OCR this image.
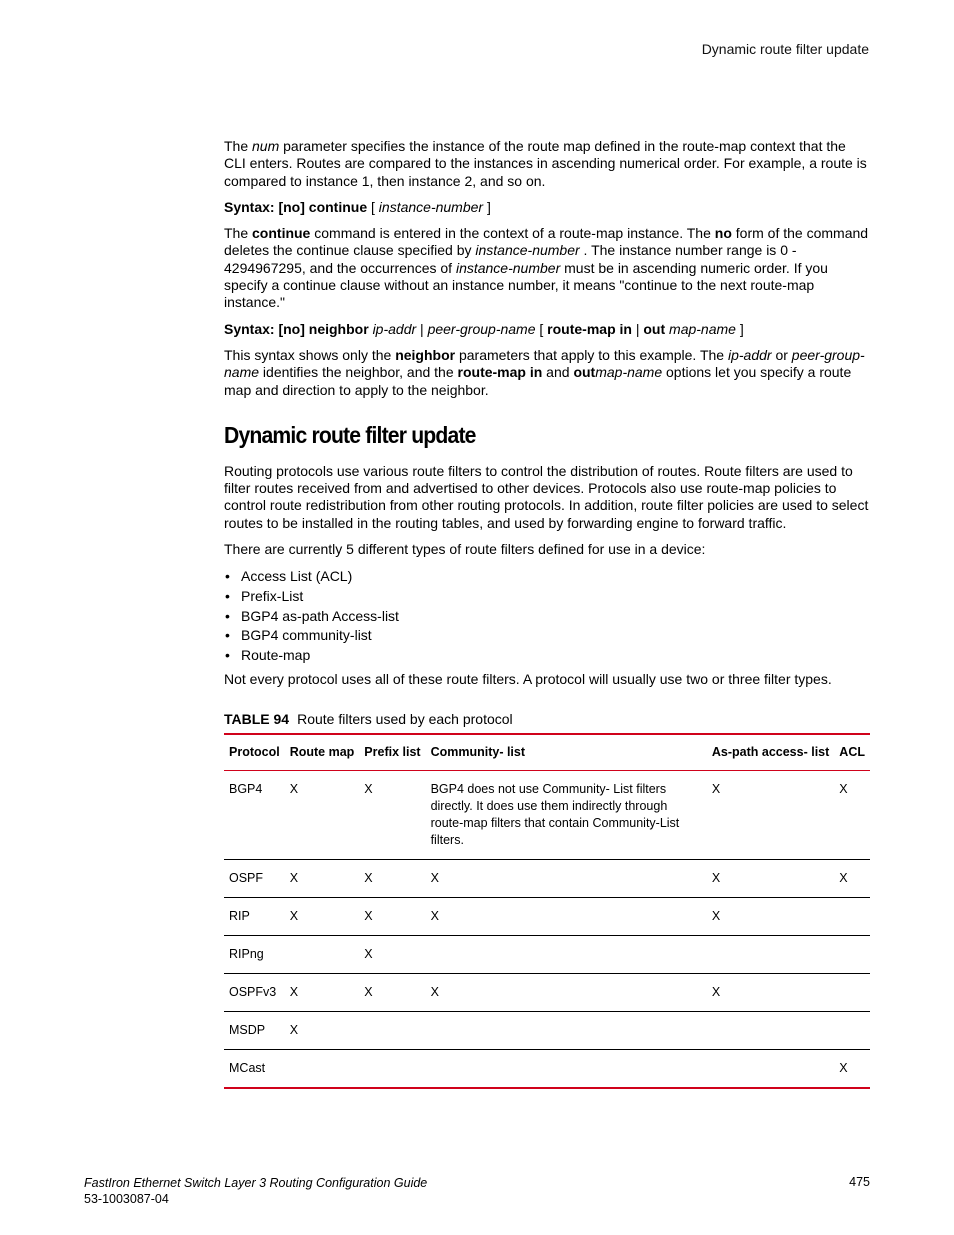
Dynamic route filter update

The num parameter specifies the instance of the route map defined in the route-map context that the CLI enters. Routes are compared to the instances in ascending numerical order. For example, a route is compared to instance 1, then instance 2, and so on.

Syntax: [no] continue [ instance-number ]

The continue command is entered in the context of a route-map instance. The no form of the command deletes the continue clause specified by instance-number . The instance number range is 0 - 4294967295, and the occurrences of instance-number must be in ascending numeric order. If you specify a continue clause without an instance number, it means "continue to the next route-map instance."

Syntax: [no] neighbor ip-addr | peer-group-name [ route-map in | out map-name ]

This syntax shows only the neighbor parameters that apply to this example. The ip-addr or peer-group-name identifies the neighbor, and the route-map in and outmap-name options let you specify a route map and direction to apply to the neighbor.

Dynamic route filter update

Routing protocols use various route filters to control the distribution of routes. Route filters are used to filter routes received from and advertised to other devices. Protocols also use route-map policies to control route redistribution from other routing protocols. In addition, route filter policies are used to select routes to be installed in the routing tables, and used by forwarding engine to forward traffic.

There are currently 5 different types of route filters defined for use in a device:

• Access List (ACL)
• Prefix-List
• BGP4 as-path Access-list
• BGP4 community-list
• Route-map

Not every protocol uses all of these route filters. A protocol will usually use two or three filter types.

TABLE 94 Route filters used by each protocol
Protocol	Route map	Prefix list	Community- list	As-path access- list	ACL
BGP4	X	X	BGP4 does not use Community- List filters directly. It does use them indirectly through route-map filters that contain Community-List filters.	X	X
OSPF	X	X	X	X	X
RIP	X	X	X	X	
RIPng		X			
OSPFv3	X	X	X	X	
MSDP	X				
MCast					X
FastIron Ethernet Switch Layer 3 Routing Configuration Guide
53-1003087-04
475
